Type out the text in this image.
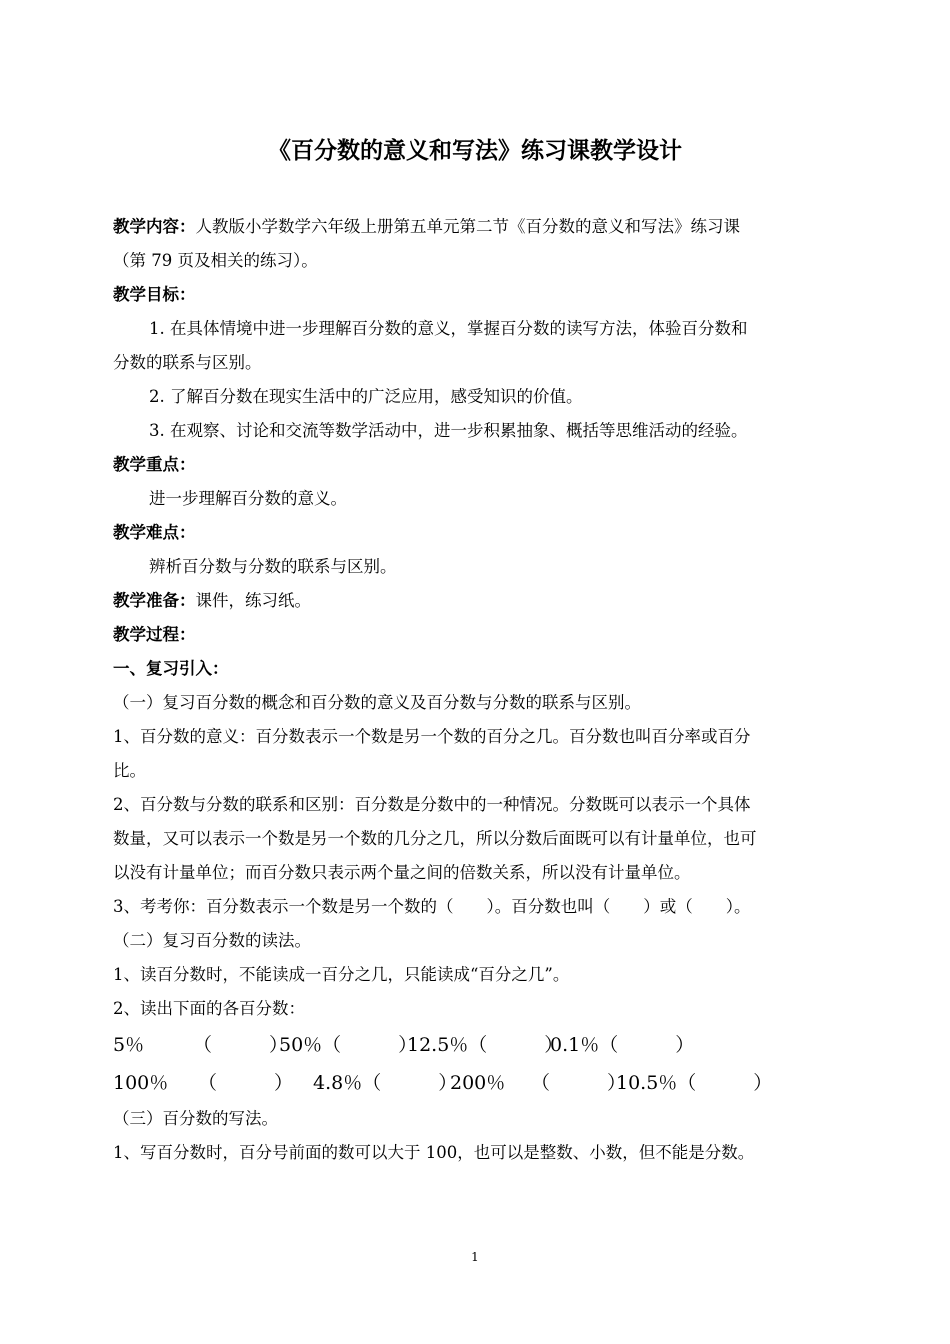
《百分数的意义和写法》练习课教学设计
教学内容：人教版小学数学六年级上册第五单元第二节《百分数的意义和写法》练习课
（第 79 页及相关的练习）。
教学目标：
1. 在具体情境中进一步理解百分数的意义，掌握百分数的读写方法，体验百分数和
分数的联系与区别。
2. 了解百分数在现实生活中的广泛应用，感受知识的价值。
3. 在观察、讨论和交流等数学活动中，进一步积累抽象、概括等思维活动的经验。
教学重点：
进一步理解百分数的意义。
教学难点：
辨析百分数与分数的联系与区别。
教学准备：课件，练习纸。
教学过程：
一、复习引入：
（一）复习百分数的概念和百分数的意义及百分数与分数的联系与区别。
1、百分数的意义：百分数表示一个数是另一个数的百分之几。百分数也叫百分率或百分
比。
2、百分数与分数的联系和区别：百分数是分数中的一种情况。分数既可以表示一个具体
数量，又可以表示一个数是另一个数的几分之几，所以分数后面既可以有计量单位，也可
以没有计量单位；而百分数只表示两个量之间的倍数关系，所以没有计量单位。
3、考考你：百分数表示一个数是另一个数的（　　）。百分数也叫（　　）或（　　）。
（二）复习百分数的读法。
1、读百分数时，不能读成一百分之几，只能读成“百分之几”。
2、读出下面的各百分数：
5％	（　　　）
50％（　　　）
12.5％（　　　）
0.1％（　　　）
100％ （　　　） 4.8％（　　　）
200％ （　　　）
10.5％（　　　）
（三）百分数的写法。
1、写百分数时，百分号前面的数可以大于 100，也可以是整数、小数，但不能是分数。
1
